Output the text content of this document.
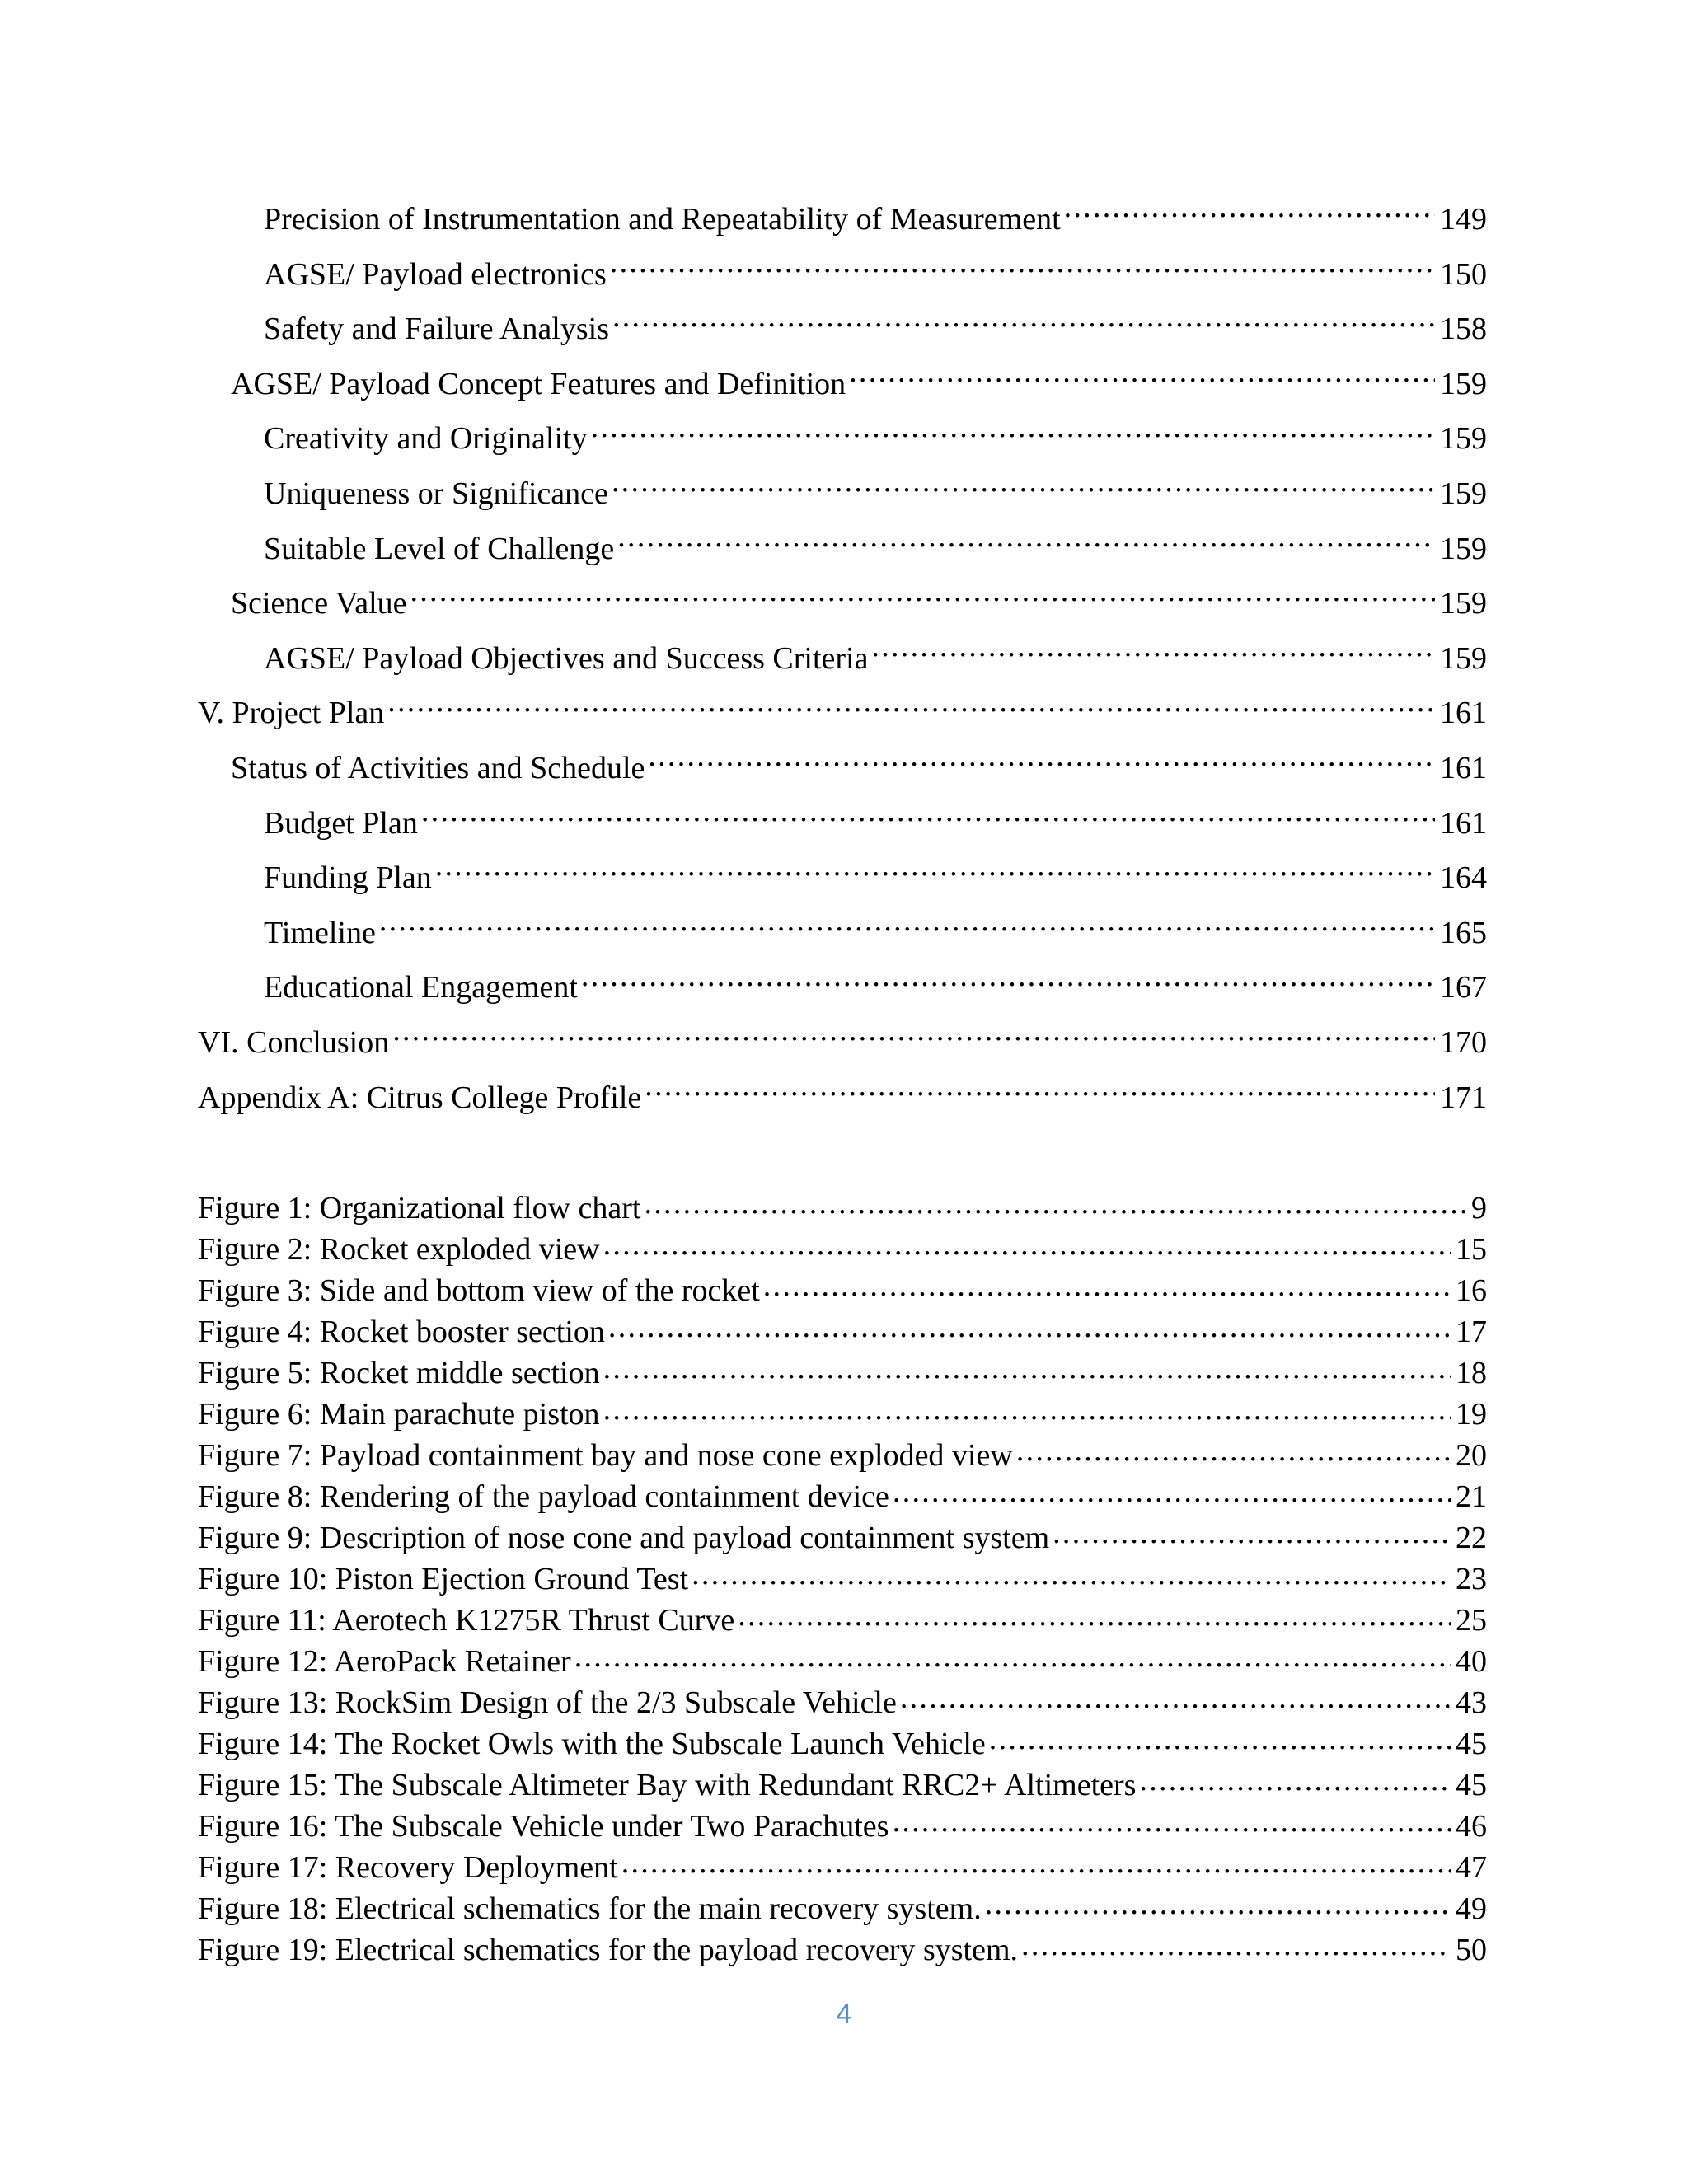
Precision of Instrumentation and Repeatability of Measurement .....	149
AGSE/ Payload electronics .....	150
Safety and Failure Analysis .....	158
AGSE/ Payload Concept Features and Definition .....	159
Creativity and Originality .....	159
Uniqueness or Significance .....	159
Suitable Level of Challenge .....	159
Science Value .....	159
AGSE/ Payload Objectives and Success Criteria .....	159
V. Project Plan .....	161
Status of Activities and Schedule .....	161
Budget Plan .....	161
Funding Plan .....	164
Timeline .....	165
Educational Engagement .....	167
VI. Conclusion .....	170
Appendix A: Citrus College Profile .....	171
Figure 1: Organizational flow chart .....	9
Figure 2: Rocket exploded view .....	15
Figure 3: Side and bottom view of the rocket .....	16
Figure 4: Rocket booster section .....	17
Figure 5: Rocket middle section .....	18
Figure 6: Main parachute piston .....	19
Figure 7: Payload containment bay and nose cone exploded view .....	20
Figure 8: Rendering of the payload containment device .....	21
Figure 9: Description of nose cone and payload containment system .....	22
Figure 10: Piston Ejection Ground Test .....	23
Figure 11: Aerotech K1275R Thrust Curve .....	25
Figure 12: AeroPack Retainer .....	40
Figure 13: RockSim Design of the 2/3 Subscale Vehicle .....	43
Figure 14: The Rocket Owls with the Subscale Launch Vehicle .....	45
Figure 15: The Subscale Altimeter Bay with Redundant RRC2+ Altimeters .....	45
Figure 16: The Subscale Vehicle under Two Parachutes .....	46
Figure 17: Recovery Deployment .....	47
Figure 18: Electrical schematics for the main recovery system. .....	49
Figure 19: Electrical schematics for the payload recovery system. .....	50
4
